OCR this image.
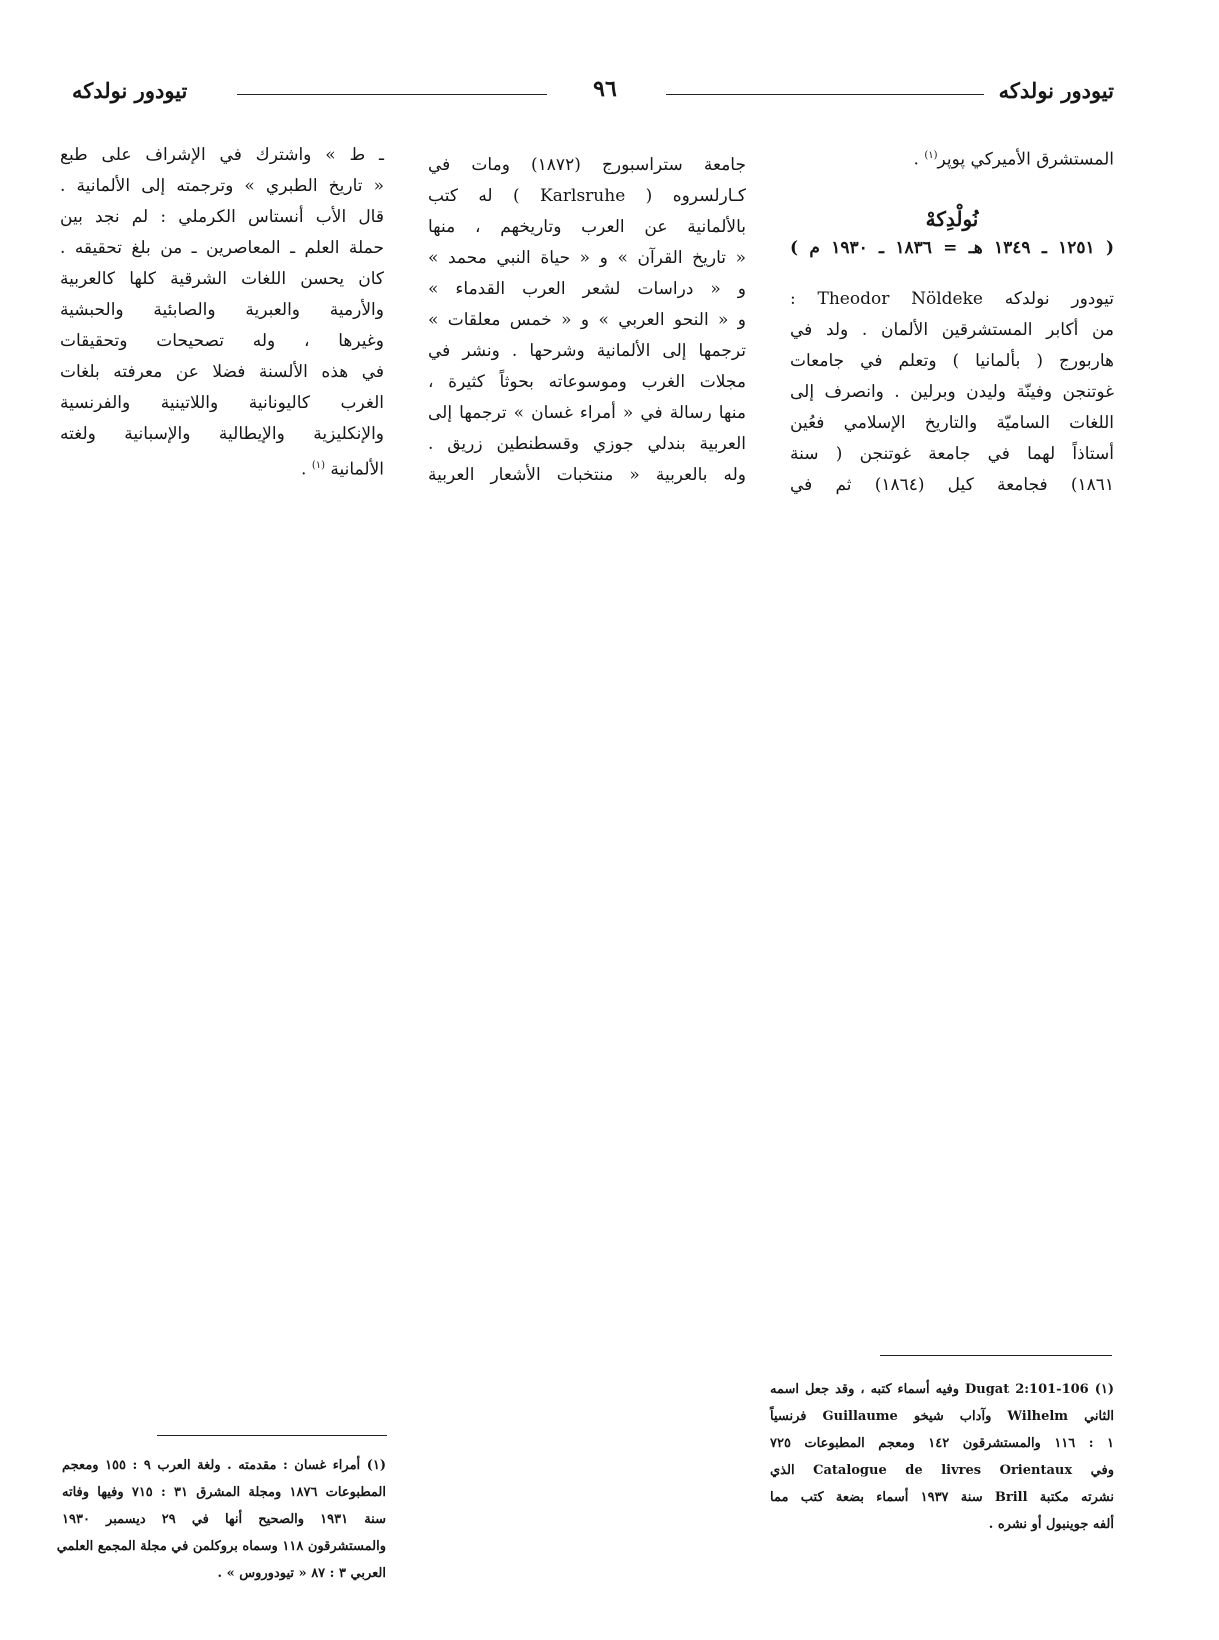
تيودور نولدكه
٩٦
تيودور نولدكه
المستشرق الأميركي پوپر$^{(١)}$ .
نُولْدِكهْ
( ١٢٥١ ـ ١٣٤٩ هـ = ١٨٣٦ ـ ١٩٣٠ م )
تيودور نولدكه Theodor Nöldeke :
من أكابر المستشرقين الألمان . ولد في
هاربورج ( بألمانيا ) وتعلم في جامعات
غوتنجن وفينّة وليدن وبرلين . وانصرف إلى
اللغات الساميّة والتاريخ الإسلامي فعُين
أستاذاً لهما في جامعة غوتنجن ( سنة
١٨٦١) فجامعة كيل (١٨٦٤) ثم في
جامعة ستراسبورج (١٨٧٢) ومات في
كـارلسروه ( Karlsruhe ) له كتب
بالألمانية عن العرب وتاريخهم ، منها
« تاريخ القرآن » و « حياة النبي محمد »
و « دراسات لشعر العرب القدماء »
و « النحو العربي » و « خمس معلقات »
ترجمها إلى الألمانية وشرحها . ونشر في
مجلات الغرب وموسوعاته بحوثاً كثيرة ،
منها رسالة في « أمراء غسان » ترجمها إلى
العربية بندلي جوزي وقسطنطين زريق .
وله بالعربية « منتخبات الأشعار العربية
ـ ط » واشترك في الإشراف على طبع
« تاريخ الطبري » وترجمته إلى الألمانية .
قال الأب أنستاس الكرملي : لم نجد بين
حملة العلم ـ المعاصرين ـ من بلغ تحقيقه .
كان يحسن اللغات الشرقية كلها كالعربية
والأرمية والعبرية والصابئية والحبشية
وغيرها ، وله تصحيحات وتحقيقات
في هذه الألسنة فضلا عن معرفته بلغات
الغرب كاليونانية واللاتينية والفرنسية
والإنكليزية والإيطالية والإسبانية ولغته
الألمانية $^{(١)}$ .
(١) Dugat 2:101-106 وفيه أسماء كتبه ، وقد جعل اسمه
الثاني Wilhelm وآداب شيخو Guillaume فرنسياً
١ : ١١٦ والمستشرقون ١٤٢ ومعجم المطبوعات ٧٢٥
وفي Catalogue de livres Orientaux الذي
نشرته مكتبة Brill سنة ١٩٣٧ أسماء بضعة كتب مما
ألفه جوينبول أو نشره .
(١) أمراء غسان : مقدمته . ولغة العرب ٩ : ١٥٥ ومعجم
المطبوعات ١٨٧٦ ومجلة المشرق ٣١ : ٧١٥ وفيها وفاته
سنة ١٩٣١ والصحيح أنها في ٢٩ ديسمبر ١٩٣٠
والمستشرقون ١١٨ وسماه بروكلمن في مجلة المجمع العلمي
العربي ٣ : ٨٧ « تيودوروس » .
